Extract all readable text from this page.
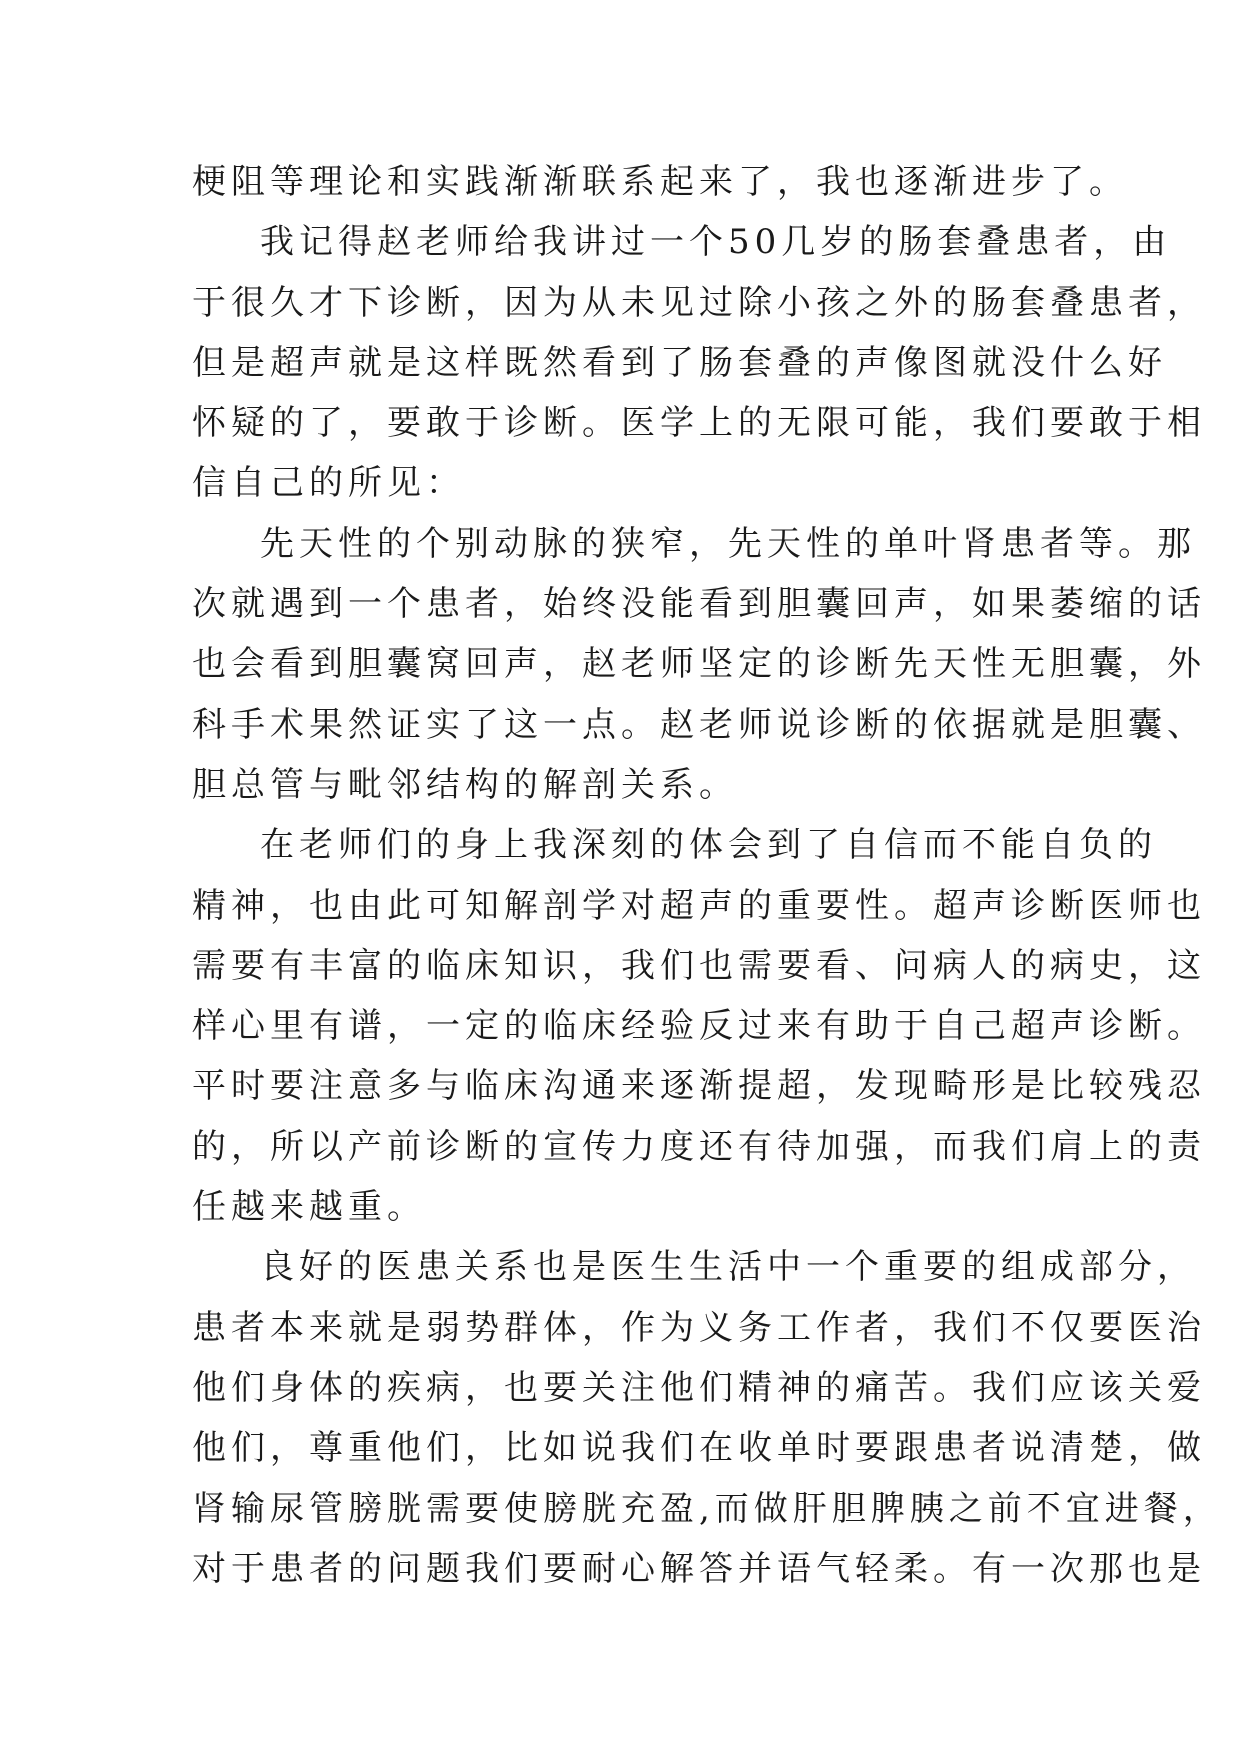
梗阻等理论和实践渐渐联系起来了，我也逐渐进步了。
我记得赵老师给我讲过一个50几岁的肠套叠患者，由
于很久才下诊断，因为从未见过除小孩之外的肠套叠患者，
但是超声就是这样既然看到了肠套叠的声像图就没什么好
怀疑的了，要敢于诊断。医学上的无限可能，我们要敢于相
信自己的所见：
先天性的个别动脉的狭窄，先天性的单叶肾患者等。那
次就遇到一个患者，始终没能看到胆囊回声，如果萎缩的话
也会看到胆囊窝回声，赵老师坚定的诊断先天性无胆囊，外
科手术果然证实了这一点。赵老师说诊断的依据就是胆囊、
胆总管与毗邻结构的解剖关系。
在老师们的身上我深刻的体会到了自信而不能自负的
精神，也由此可知解剖学对超声的重要性。超声诊断医师也
需要有丰富的临床知识，我们也需要看、问病人的病史，这
样心里有谱，一定的临床经验反过来有助于自己超声诊断。
平时要注意多与临床沟通来逐渐提超，发现畸形是比较残忍
的，所以产前诊断的宣传力度还有待加强，而我们肩上的责
任越来越重。
良好的医患关系也是医生生活中一个重要的组成部分，
患者本来就是弱势群体，作为义务工作者，我们不仅要医治
他们身体的疾病，也要关注他们精神的痛苦。我们应该关爱
他们，尊重他们，比如说我们在收单时要跟患者说清楚，做
肾输尿管膀胱需要使膀胱充盈,而做肝胆脾胰之前不宜进餐，
对于患者的问题我们要耐心解答并语气轻柔。有一次那也是
